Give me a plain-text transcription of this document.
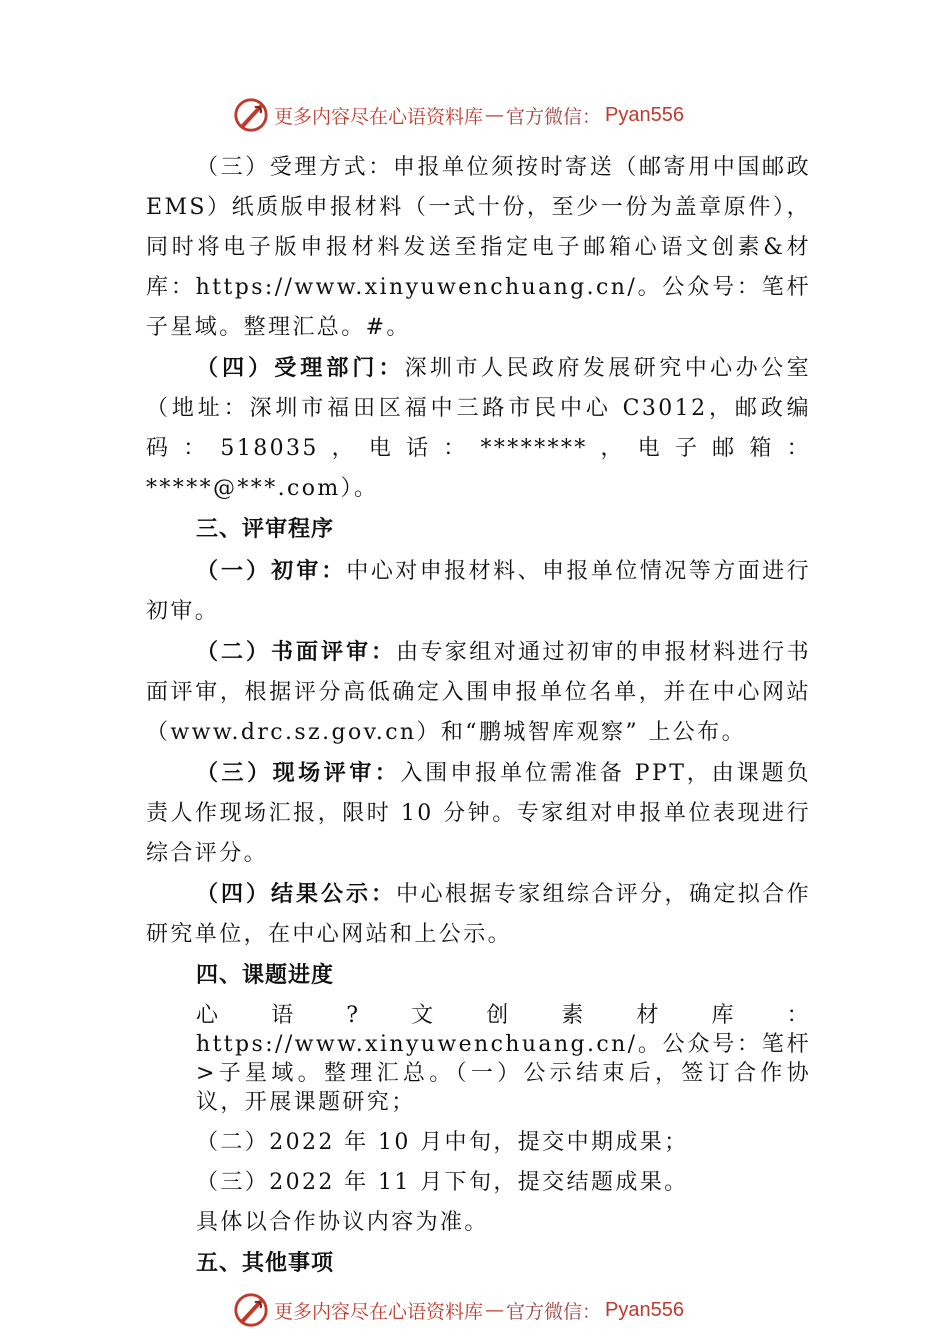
更多内容尽在心语资料库 — 官方微信： Pyan556

（三）受理方式：申报单位须按时寄送（邮寄用中国邮政EMS）纸质版申报材料（一式十份，至少一份为盖章原件），同时将电子版申报材料发送至指定电子邮箱心语文创素&材库：https://www.xinyuwenchuang.cn/。公众号：笔杆子星域。整理汇总。#。

（四）受理部门：深圳市人民政府发展研究中心办公室（地址：深圳市福田区福中三路市民中心 C3012，邮政编码：518035，电话：********，电子邮箱：*****@***.com）。

三、评审程序

（一）初审：中心对申报材料、申报单位情况等方面进行初审。

（二）书面评审：由专家组对通过初审的申报材料进行书面评审，根据评分高低确定入围申报单位名单，并在中心网站（www.drc.sz.gov.cn）和“鹏城智库观察” 上公布。

（三）现场评审：入围申报单位需准备 PPT，由课题负责人作现场汇报，限时 10 分钟。专家组对申报单位表现进行综合评分。

（四）结果公示：中心根据专家组综合评分，确定拟合作研究单位，在中心网站和上公示。

四、课题进度

心语?文创素材库：https://www.xinyuwenchuang.cn/。公众号：笔杆>子星域。整理汇总。（一）公示结束后，签订合作协议，开展课题研究；

（二）2022 年 10 月中旬，提交中期成果；

（三）2022 年 11 月下旬，提交结题成果。

具体以合作协议内容为准。

五、其他事项
更多内容尽在心语资料库 — 官方微信： Pyan556
